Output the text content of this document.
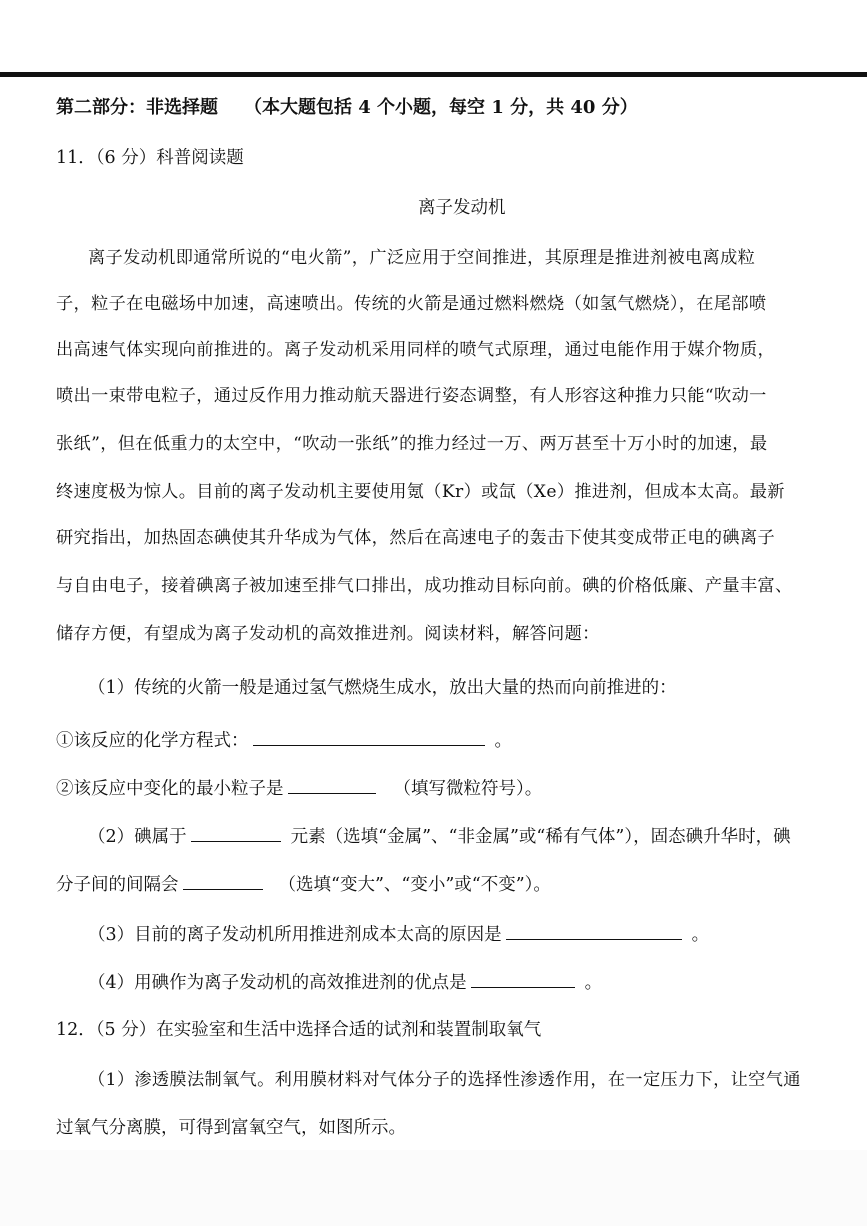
第二部分：非选择题 （本大题包括 4 个小题，每空 1 分，共 40 分）
11．（6 分）科普阅读题
离子发动机
离子发动机即通常所说的“电火箭”，广泛应用于空间推进，其原理是推进剂被电离成粒
子，粒子在电磁场中加速，高速喷出。传统的火箭是通过燃料燃烧（如氢气燃烧），在尾部喷
出高速气体实现向前推进的。离子发动机采用同样的喷气式原理，通过电能作用于媒介物质，
喷出一束带电粒子，通过反作用力推动航天器进行姿态调整，有人形容这种推力只能“吹动一
张纸”，但在低重力的太空中，“吹动一张纸”的推力经过一万、两万甚至十万小时的加速，最
终速度极为惊人。目前的离子发动机主要使用氪（Kr）或氙（Xe）推进剂，但成本太高。最新
研究指出，加热固态碘使其升华成为气体，然后在高速电子的轰击下使其变成带正电的碘离子
与自由电子，接着碘离子被加速至排气口排出，成功推动目标向前。碘的价格低廉、产量丰富、
储存方便，有望成为离子发动机的高效推进剂。阅读材料，解答问题：
（1）传统的火箭一般是通过氢气燃烧生成水，放出大量的热而向前推进的：
①该反应的化学方程式：	。
②该反应中变化的最小粒子是	（填写微粒符号）。
（2）碘属于	元素（选填“金属”、“非金属”或“稀有气体”），固态碘升华时，碘
分子间的间隔会	（选填“变大”、“变小”或“不变”）。
（3）目前的离子发动机所用推进剂成本太高的原因是	。
（4）用碘作为离子发动机的高效推进剂的优点是	。
12．（5 分）在实验室和生活中选择合适的试剂和装置制取氧气
（1）渗透膜法制氧气。利用膜材料对气体分子的选择性渗透作用，在一定压力下，让空气通
过氧气分离膜，可得到富氧空气，如图所示。
